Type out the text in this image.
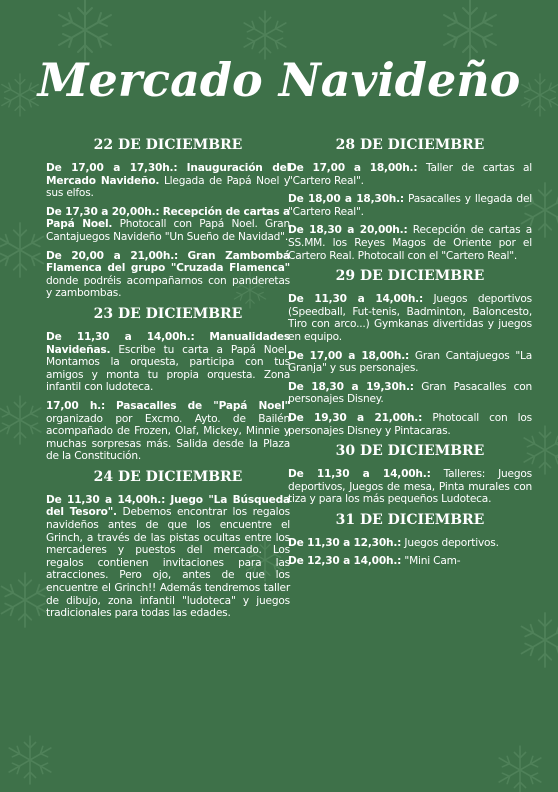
Mercado Navideño
22 DE DICIEMBRE

De 17,00 a 17,30h.: Inauguración del Mercado Navideño. Llegada de Papá Noel y sus elfos.

De 17,30 a 20,00h.: Recepción de cartas a Papá Noel. Photocall con Papá Noel. Gran Cantajuegos Navideño "Un Sueño de Navidad".

De 20,00 a 21,00h.: Gran Zambombá Flamenca del grupo "Cruzada Flamenca" donde podréis acompañarnos con panderetas y zambombas.

23 DE DICIEMBRE

De 11,30 a 14,00h.: Manualidades Navideñas. Escribe tu carta a Papá Noel. Montamos la orquesta, participa con tus amigos y monta tu propia orquesta. Zona infantil con ludoteca.

17,00 h.: Pasacalles de "Papá Noel" organizado por Excmo. Ayto. de Bailén acompañado de Frozen, Olaf, Mickey, Minnie y muchas sorpresas más. Salida desde la Plaza de la Constitución.

24 DE DICIEMBRE

De 11,30 a 14,00h.: Juego "La Búsqueda del Tesoro". Debemos encontrar los regalos navideños antes de que los encuentre el Grinch, a través de las pistas ocultas entre los mercaderes y puestos del mercado. Los regalos contienen invitaciones para las atracciones. Pero ojo, antes de que los encuentre el Grinch!! Además tendremos taller de dibujo, zona infantil "ludoteca" y juegos tradicionales para todas las edades.

28 DE DICIEMBRE

De 17,00 a 18,00h.: Taller de cartas al "Cartero Real".

De 18,00 a 18,30h.: Pasacalles y llegada del "Cartero Real".

De 18,30 a 20,00h.: Recepción de cartas a SS.MM. los Reyes Magos de Oriente por el Cartero Real. Photocall con el "Cartero Real".

29 DE DICIEMBRE

De 11,30 a 14,00h.: Juegos deportivos (Speedball, Fut-tenis, Badminton, Baloncesto, Tiro con arco...) Gymkanas divertidas y juegos en equipo.

De 17,00 a 18,00h.: Gran Cantajuegos "La Granja" y sus personajes.

De 18,30 a 19,30h.: Gran Pasacalles con personajes Disney.

De 19,30 a 21,00h.: Photocall con los personajes Disney y Pintacaras.

30 DE DICIEMBRE

De 11,30 a 14,00h.: Talleres: Juegos deportivos, Juegos de mesa, Pinta murales con tiza y para los más pequeños Ludoteca.

31 DE DICIEMBRE

De 11,30 a 12,30h.: Juegos deportivos.

De 12,30 a 14,00h.: "Mini Cam-
